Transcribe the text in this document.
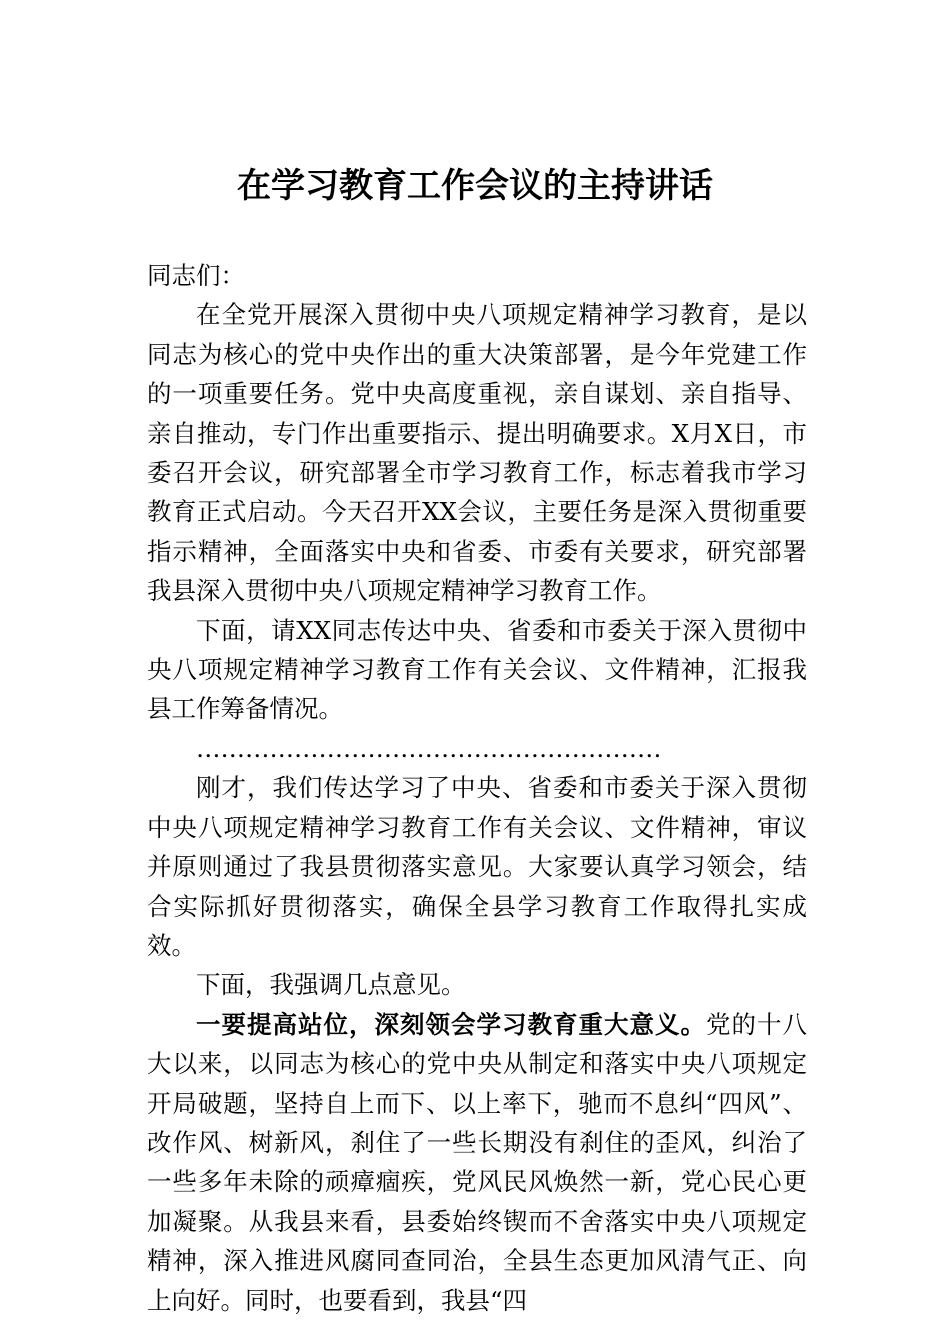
在学习教育工作会议的主持讲话

同志们：

在全党开展深入贯彻中央八项规定精神学习教育，是以同志为核心的党中央作出的重大决策部署，是今年党建工作的一项重要任务。党中央高度重视，亲自谋划、亲自指导、亲自推动，专门作出重要指示、提出明确要求。X月X日，市委召开会议，研究部署全市学习教育工作，标志着我市学习教育正式启动。今天召开XX会议，主要任务是深入贯彻重要指示精神，全面落实中央和省委、市委有关要求，研究部署我县深入贯彻中央八项规定精神学习教育工作。

下面，请XX同志传达中央、省委和市委关于深入贯彻中央八项规定精神学习教育工作有关会议、文件精神，汇报我县工作筹备情况。

…………………………………………………

刚才，我们传达学习了中央、省委和市委关于深入贯彻中央八项规定精神学习教育工作有关会议、文件精神，审议并原则通过了我县贯彻落实意见。大家要认真学习领会，结合实际抓好贯彻落实，确保全县学习教育工作取得扎实成效。

下面，我强调几点意见。

一要提高站位，深刻领会学习教育重大意义。党的十八大以来，以同志为核心的党中央从制定和落实中央八项规定开局破题，坚持自上而下、以上率下，驰而不息纠“四风”、改作风、树新风，刹住了一些长期没有刹住的歪风，纠治了一些多年未除的顽瘴痼疾，党风民风焕然一新，党心民心更加凝聚。从我县来看，县委始终锲而不舍落实中央八项规定精神，深入推进风腐同查同治，全县生态更加风清气正、向上向好。同时，也要看到，我县“四
